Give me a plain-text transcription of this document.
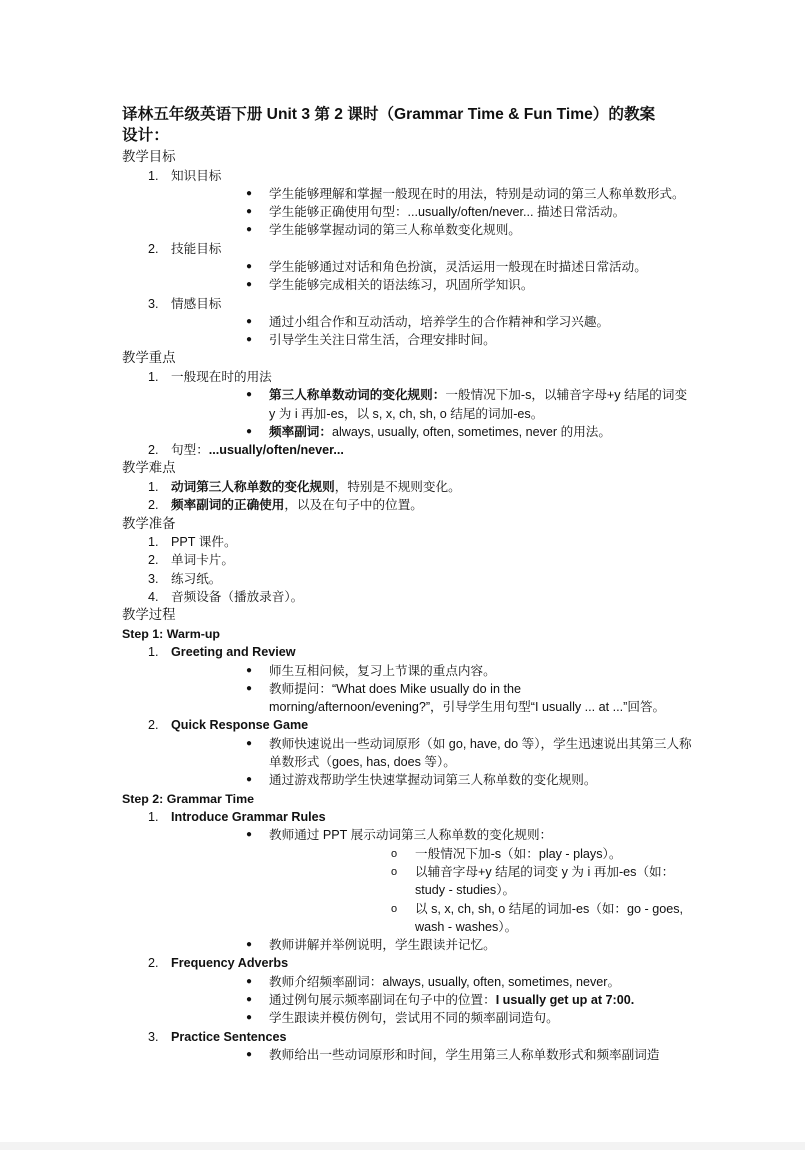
译林五年级英语下册 Unit 3 第 2 课时（Grammar Time & Fun Time）的教案设计：

教学目标

1. 知识目标
● 学生能够理解和掌握一般现在时的用法，特别是动词的第三人称单数形式。
● 学生能够正确使用句型：...usually/often/never... 描述日常活动。
● 学生能够掌握动词的第三人称单数变化规则。
2. 技能目标
● 学生能够通过对话和角色扮演，灵活运用一般现在时描述日常活动。
● 学生能够完成相关的语法练习，巩固所学知识。
3. 情感目标
● 通过小组合作和互动活动，培养学生的合作精神和学习兴趣。
● 引导学生关注日常生活，合理安排时间。

教学重点

1. 一般现在时的用法
● 第三人称单数动词的变化规则：一般情况下加-s，以辅音字母+y 结尾的词变 y 为 i 再加-es，以 s, x, ch, sh, o 结尾的词加-es。
● 频率副词：always, usually, often, sometimes, never 的用法。
2. 句型：...usually/often/never...

教学难点

1. 动词第三人称单数的变化规则，特别是不规则变化。
2. 频率副词的正确使用，以及在句子中的位置。

教学准备

1. PPT 课件。
2. 单词卡片。
3. 练习纸。
4. 音频设备（播放录音）。

教学过程

Step 1: Warm-up

1. Greeting and Review
● 师生互相问候，复习上节课的重点内容。
● 教师提问：“What does Mike usually do in the morning/afternoon/evening?”，引导学生用句型“I usually ... at ...”回答。
2. Quick Response Game
● 教师快速说出一些动词原形（如 go, have, do 等），学生迅速说出其第三人称单数形式（goes, has, does 等）。
● 通过游戏帮助学生快速掌握动词第三人称单数的变化规则。

Step 2: Grammar Time

1. Introduce Grammar Rules
● 教师通过 PPT 展示动词第三人称单数的变化规则：
o 一般情况下加-s（如：play - plays）。
o 以辅音字母+y 结尾的词变 y 为 i 再加-es（如：study - studies）。
o 以 s, x, ch, sh, o 结尾的词加-es（如：go - goes, wash - washes）。
● 教师讲解并举例说明，学生跟读并记忆。
2. Frequency Adverbs
● 教师介绍频率副词：always, usually, often, sometimes, never。
● 通过例句展示频率副词在句子中的位置：I usually get up at 7:00.
● 学生跟读并模仿例句，尝试用不同的频率副词造句。
3. Practice Sentences
● 教师给出一些动词原形和时间，学生用第三人称单数形式和频率副词造
